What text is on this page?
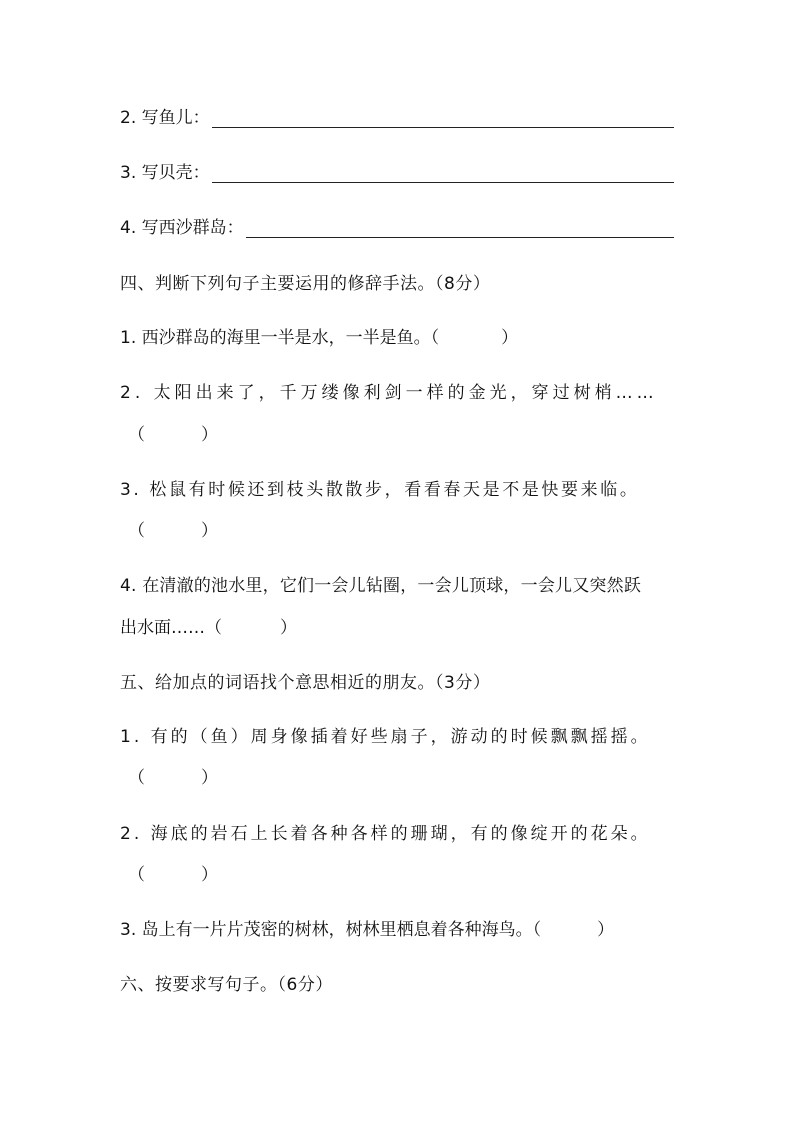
2. 写鱼儿：
3. 写贝壳：
4. 写西沙群岛：
四、判断下列句子主要运用的修辞手法。（8分）
1. 西沙群岛的海里一半是水，一半是鱼。（	）
2. 太阳出来了，千万缕像利剑一样的金光，穿过树梢……
（	）
3. 松鼠有时候还到枝头散散步，看看春天是不是快要来临。
（	）
4. 在清澈的池水里，它们一会儿钻圈，一会儿顶球，一会儿又突然跃
出水面……（	）
五、给加点的词语找个意思相近的朋友。（3分）
1. 有的（鱼）周身像插着好些扇子，游动的时候飘飘摇摇。
（	）
2. 海底的岩石上长着各种各样的珊瑚，有的像绽开的花朵。
（	）
3. 岛上有一片片茂密的树林，树林里栖息着各种海鸟。（	）
六、按要求写句子。（6分）
